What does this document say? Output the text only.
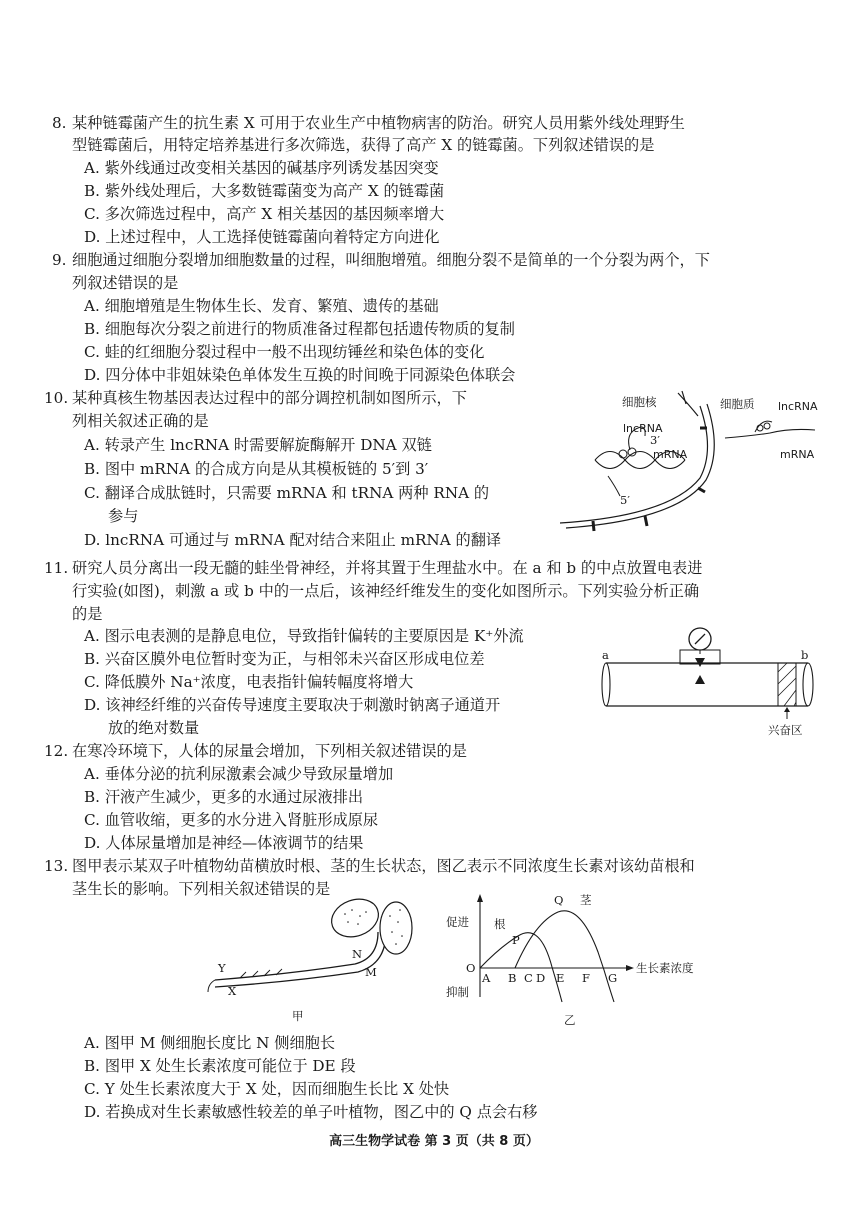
8. 某种链霉菌产生的抗生素 X 可用于农业生产中植物病害的防治。研究人员用紫外线处理野生
型链霉菌后，用特定培养基进行多次筛选，获得了高产 X 的链霉菌。下列叙述错误的是
A. 紫外线通过改变相关基因的碱基序列诱发基因突变
B. 紫外线处理后，大多数链霉菌变为高产 X 的链霉菌
C. 多次筛选过程中，高产 X 相关基因的基因频率增大
D. 上述过程中，人工选择使链霉菌向着特定方向进化
9. 细胞通过细胞分裂增加细胞数量的过程，叫细胞增殖。细胞分裂不是简单的一个分裂为两个，下
列叙述错误的是
A. 细胞增殖是生物体生长、发育、繁殖、遗传的基础
B. 细胞每次分裂之前进行的物质准备过程都包括遗传物质的复制
C. 蛙的红细胞分裂过程中一般不出现纺锤丝和染色体的变化
D. 四分体中非姐妹染色单体发生互换的时间晚于同源染色体联会
10. 某种真核生物基因表达过程中的部分调控机制如图所示，下
列相关叙述正确的是
A. 转录产生 lncRNA 时需要解旋酶解开 DNA 双链
B. 图中 mRNA 的合成方向是从其模板链的 5′到 3′
C. 翻译合成肽链时，只需要 mRNA 和 tRNA 两种 RNA 的
参与
D. lncRNA 可通过与 mRNA 配对结合来阻止 mRNA 的翻译
细胞核	细胞质 lncRNA
lncRNA
3′
mRNA	mRNA
5′
11. 研究人员分离出一段无髓的蛙坐骨神经，并将其置于生理盐水中。在 a 和 b 的中点放置电表进
行实验(如图)，刺激 a 或 b 中的一点后，该神经纤维发生的变化如图所示。下列实验分析正确
的是
A. 图示电表测的是静息电位，导致指针偏转的主要原因是 K⁺外流
B. 兴奋区膜外电位暂时变为正，与相邻未兴奋区形成电位差
C. 降低膜外 Na⁺浓度，电表指针偏转幅度将增大
D. 该神经纤维的兴奋传导速度主要取决于刺激时钠离子通道开
放的绝对数量
a	b
兴奋区
12. 在寒冷环境下，人体的尿量会增加，下列相关叙述错误的是
A. 垂体分泌的抗利尿激素会减少导致尿量增加
B. 汗液产生减少，更多的水通过尿液排出
C. 血管收缩，更多的水分进入肾脏形成原尿
D. 人体尿量增加是神经—体液调节的结果
13. 图甲表示某双子叶植物幼苗横放时根、茎的生长状态，图乙表示不同浓度生长素对该幼苗根和
茎生长的影响。下列相关叙述错误的是
Y
X
N
M
甲
促进
抑制
O
根
P
Q 茎
A B C D E F G
生长素浓度
乙
A. 图甲 M 侧细胞长度比 N 侧细胞长
B. 图甲 X 处生长素浓度可能位于 DE 段
C. Y 处生长素浓度大于 X 处，因而细胞生长比 X 处快
D. 若换成对生长素敏感性较差的单子叶植物，图乙中的 Q 点会右移
高三生物学试卷 第 3 页（共 8 页）
